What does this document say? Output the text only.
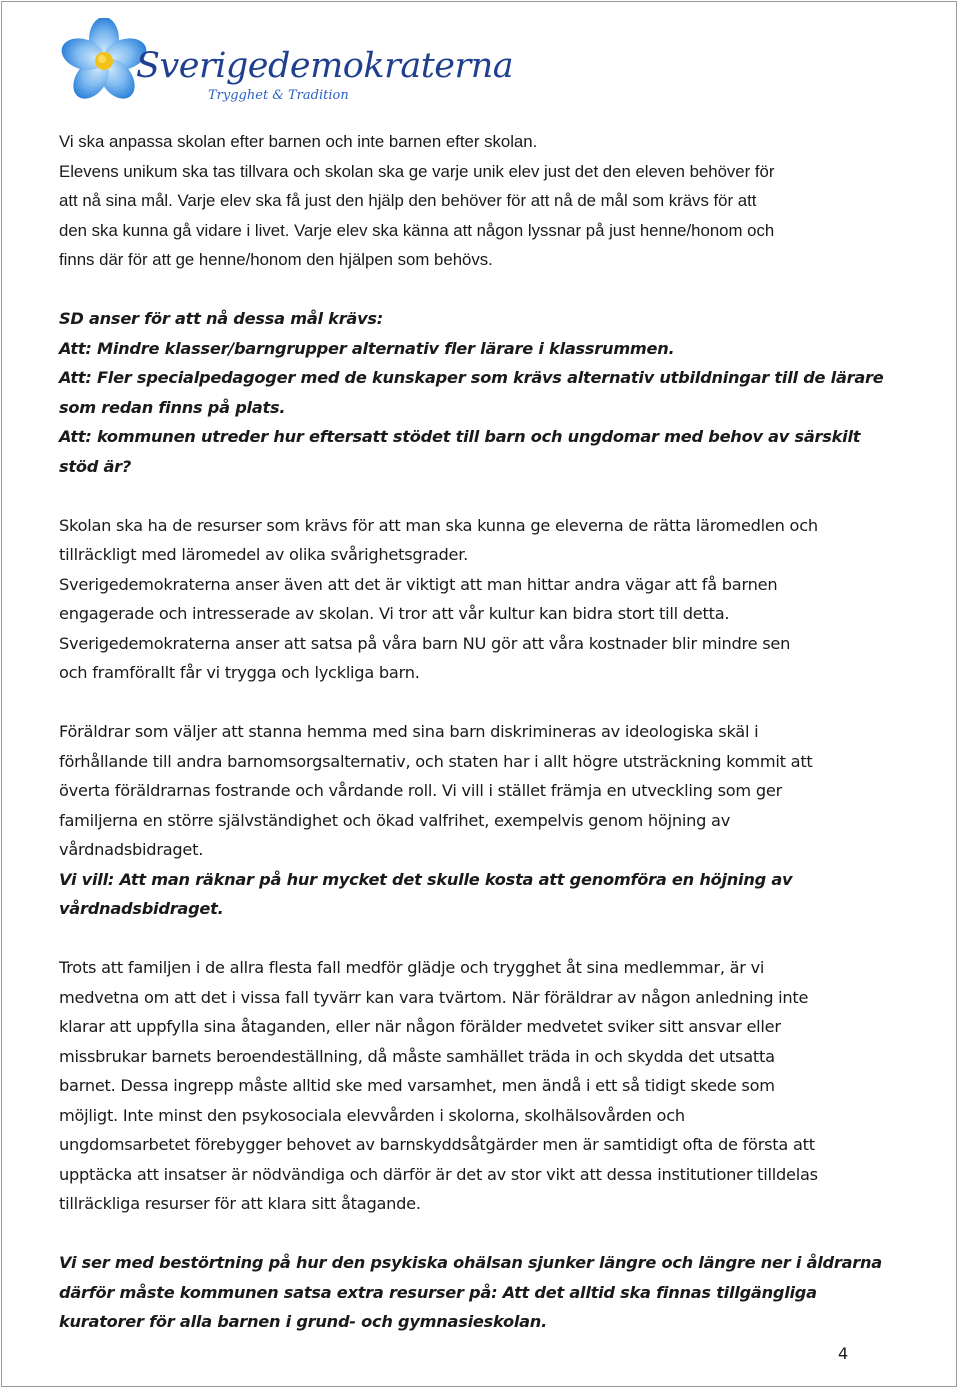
Sverigedemokraterna
Trygghet & Tradition

Vi ska anpassa skolan efter barnen och inte barnen efter skolan.
Elevens unikum ska tas tillvara och skolan ska ge varje unik elev just det den eleven behöver för
att nå sina mål. Varje elev ska få just den hjälp den behöver för att nå de mål som krävs för att
den ska kunna gå vidare i livet. Varje elev ska känna att någon lyssnar på just henne/honom och
finns där för att ge henne/honom den hjälpen som behövs.

SD anser för att nå dessa mål krävs:
Att: Mindre klasser/barngrupper alternativ fler lärare i klassrummen.
Att: Fler specialpedagoger med de kunskaper som krävs alternativ utbildningar till de lärare
som redan finns på plats.
Att: kommunen utreder hur eftersatt stödet till barn och ungdomar med behov av särskilt
stöd är?

Skolan ska ha de resurser som krävs för att man ska kunna ge eleverna de rätta läromedlen och
tillräckligt med läromedel av olika svårighetsgrader.
Sverigedemokraterna anser även att det är viktigt att man hittar andra vägar att få barnen
engagerade och intresserade av skolan. Vi tror att vår kultur kan bidra stort till detta.
Sverigedemokraterna anser att satsa på våra barn NU gör att våra kostnader blir mindre sen
och framförallt får vi trygga och lyckliga barn.

Föräldrar som väljer att stanna hemma med sina barn diskrimineras av ideologiska skäl i
förhållande till andra barnomsorgsalternativ, och staten har i allt högre utsträckning kommit att
överta föräldrarnas fostrande och vårdande roll. Vi vill i stället främja en utveckling som ger
familjerna en större självständighet och ökad valfrihet, exempelvis genom höjning av
vårdnadsbidraget.

Vi vill: Att man räknar på hur mycket det skulle kosta att genomföra en höjning av
vårdnadsbidraget.

Trots att familjen i de allra flesta fall medför glädje och trygghet åt sina medlemmar, är vi
medvetna om att det i vissa fall tyvärr kan vara tvärtom. När föräldrar av någon anledning inte
klarar att uppfylla sina åtaganden, eller när någon förälder medvetet sviker sitt ansvar eller
missbrukar barnets beroendeställning, då måste samhället träda in och skydda det utsatta
barnet. Dessa ingrepp måste alltid ske med varsamhet, men ändå i ett så tidigt skede som
möjligt. Inte minst den psykosociala elevvården i skolorna, skolhälsovården och
ungdomsarbetet förebygger behovet av barnskyddsåtgärder men är samtidigt ofta de första att
upptäcka att insatser är nödvändiga och därför är det av stor vikt att dessa institutioner tilldelas
tillräckliga resurser för att klara sitt åtagande.

Vi ser med bestörtning på hur den psykiska ohälsan sjunker längre och längre ner i åldrarna
därför måste kommunen satsa extra resurser på: Att det alltid ska finnas tillgängliga
kuratorer för alla barnen i grund- och gymnasieskolan.

4
